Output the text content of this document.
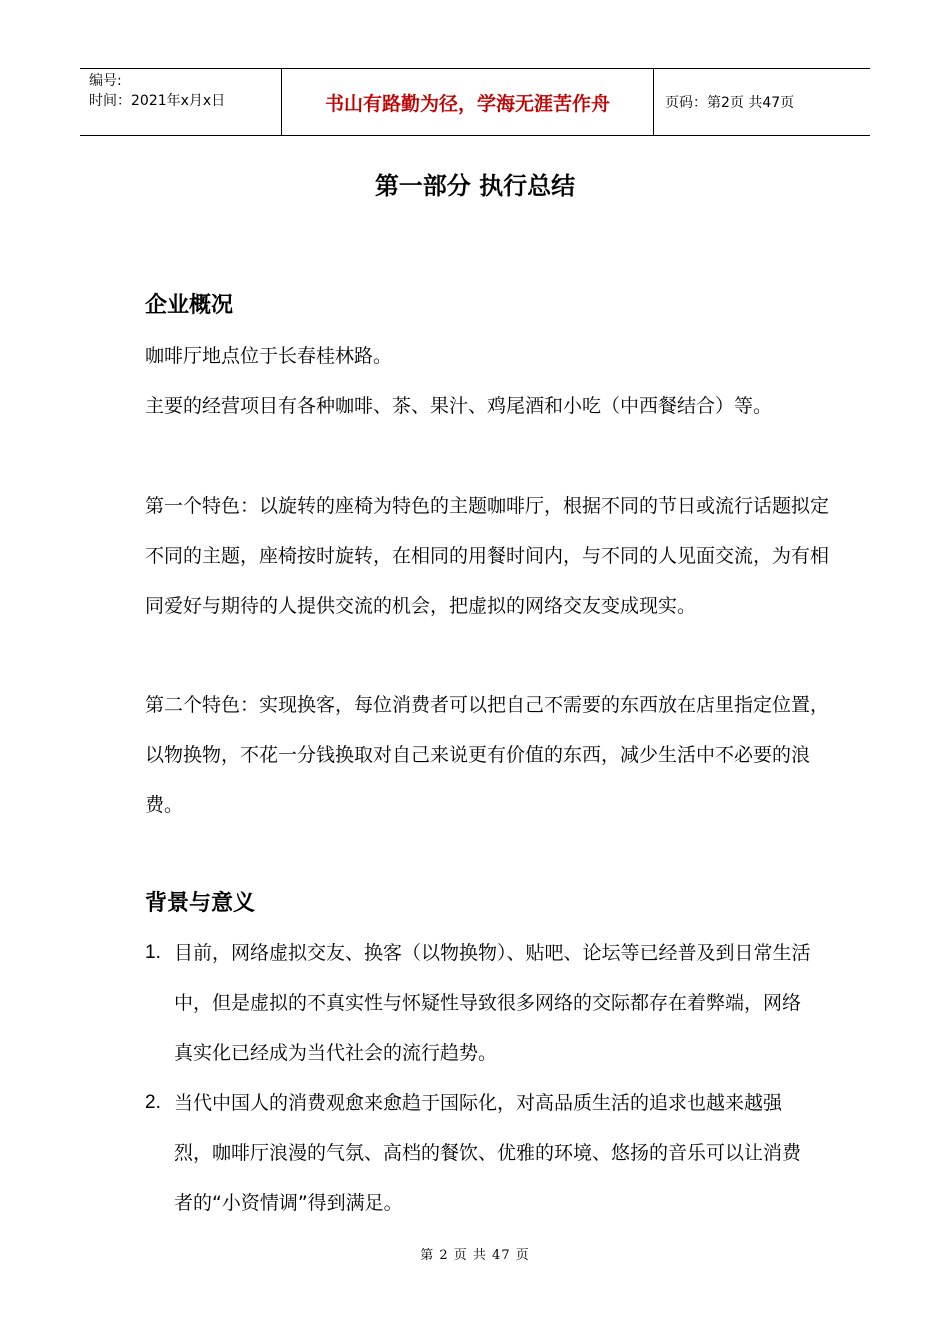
编号:
时间：2021年x月x日	书山有路勤为径，学海无涯苦作舟	页码：第2页 共47页
第一部分 执行总结
企业概况
咖啡厅地点位于长春桂林路。
主要的经营项目有各种咖啡、茶、果汁、鸡尾酒和小吃（中西餐结合）等。
第一个特色：以旋转的座椅为特色的主题咖啡厅，根据不同的节日或流行话题拟定不同的主题，座椅按时旋转，在相同的用餐时间内，与不同的人见面交流，为有相同爱好与期待的人提供交流的机会，把虚拟的网络交友变成现实。
第二个特色：实现换客，每位消费者可以把自己不需要的东西放在店里指定位置，以物换物，不花一分钱换取对自己来说更有价值的东西，减少生活中不必要的浪费。
背景与意义
1. 目前，网络虚拟交友、换客（以物换物）、贴吧、论坛等已经普及到日常生活中，但是虚拟的不真实性与怀疑性导致很多网络的交际都存在着弊端，网络真实化已经成为当代社会的流行趋势。
2. 当代中国人的消费观愈来愈趋于国际化，对高品质生活的追求也越来越强烈，咖啡厅浪漫的气氛、高档的餐饮、优雅的环境、悠扬的音乐可以让消费者的“小资情调”得到满足。
第 2 页 共 47 页
